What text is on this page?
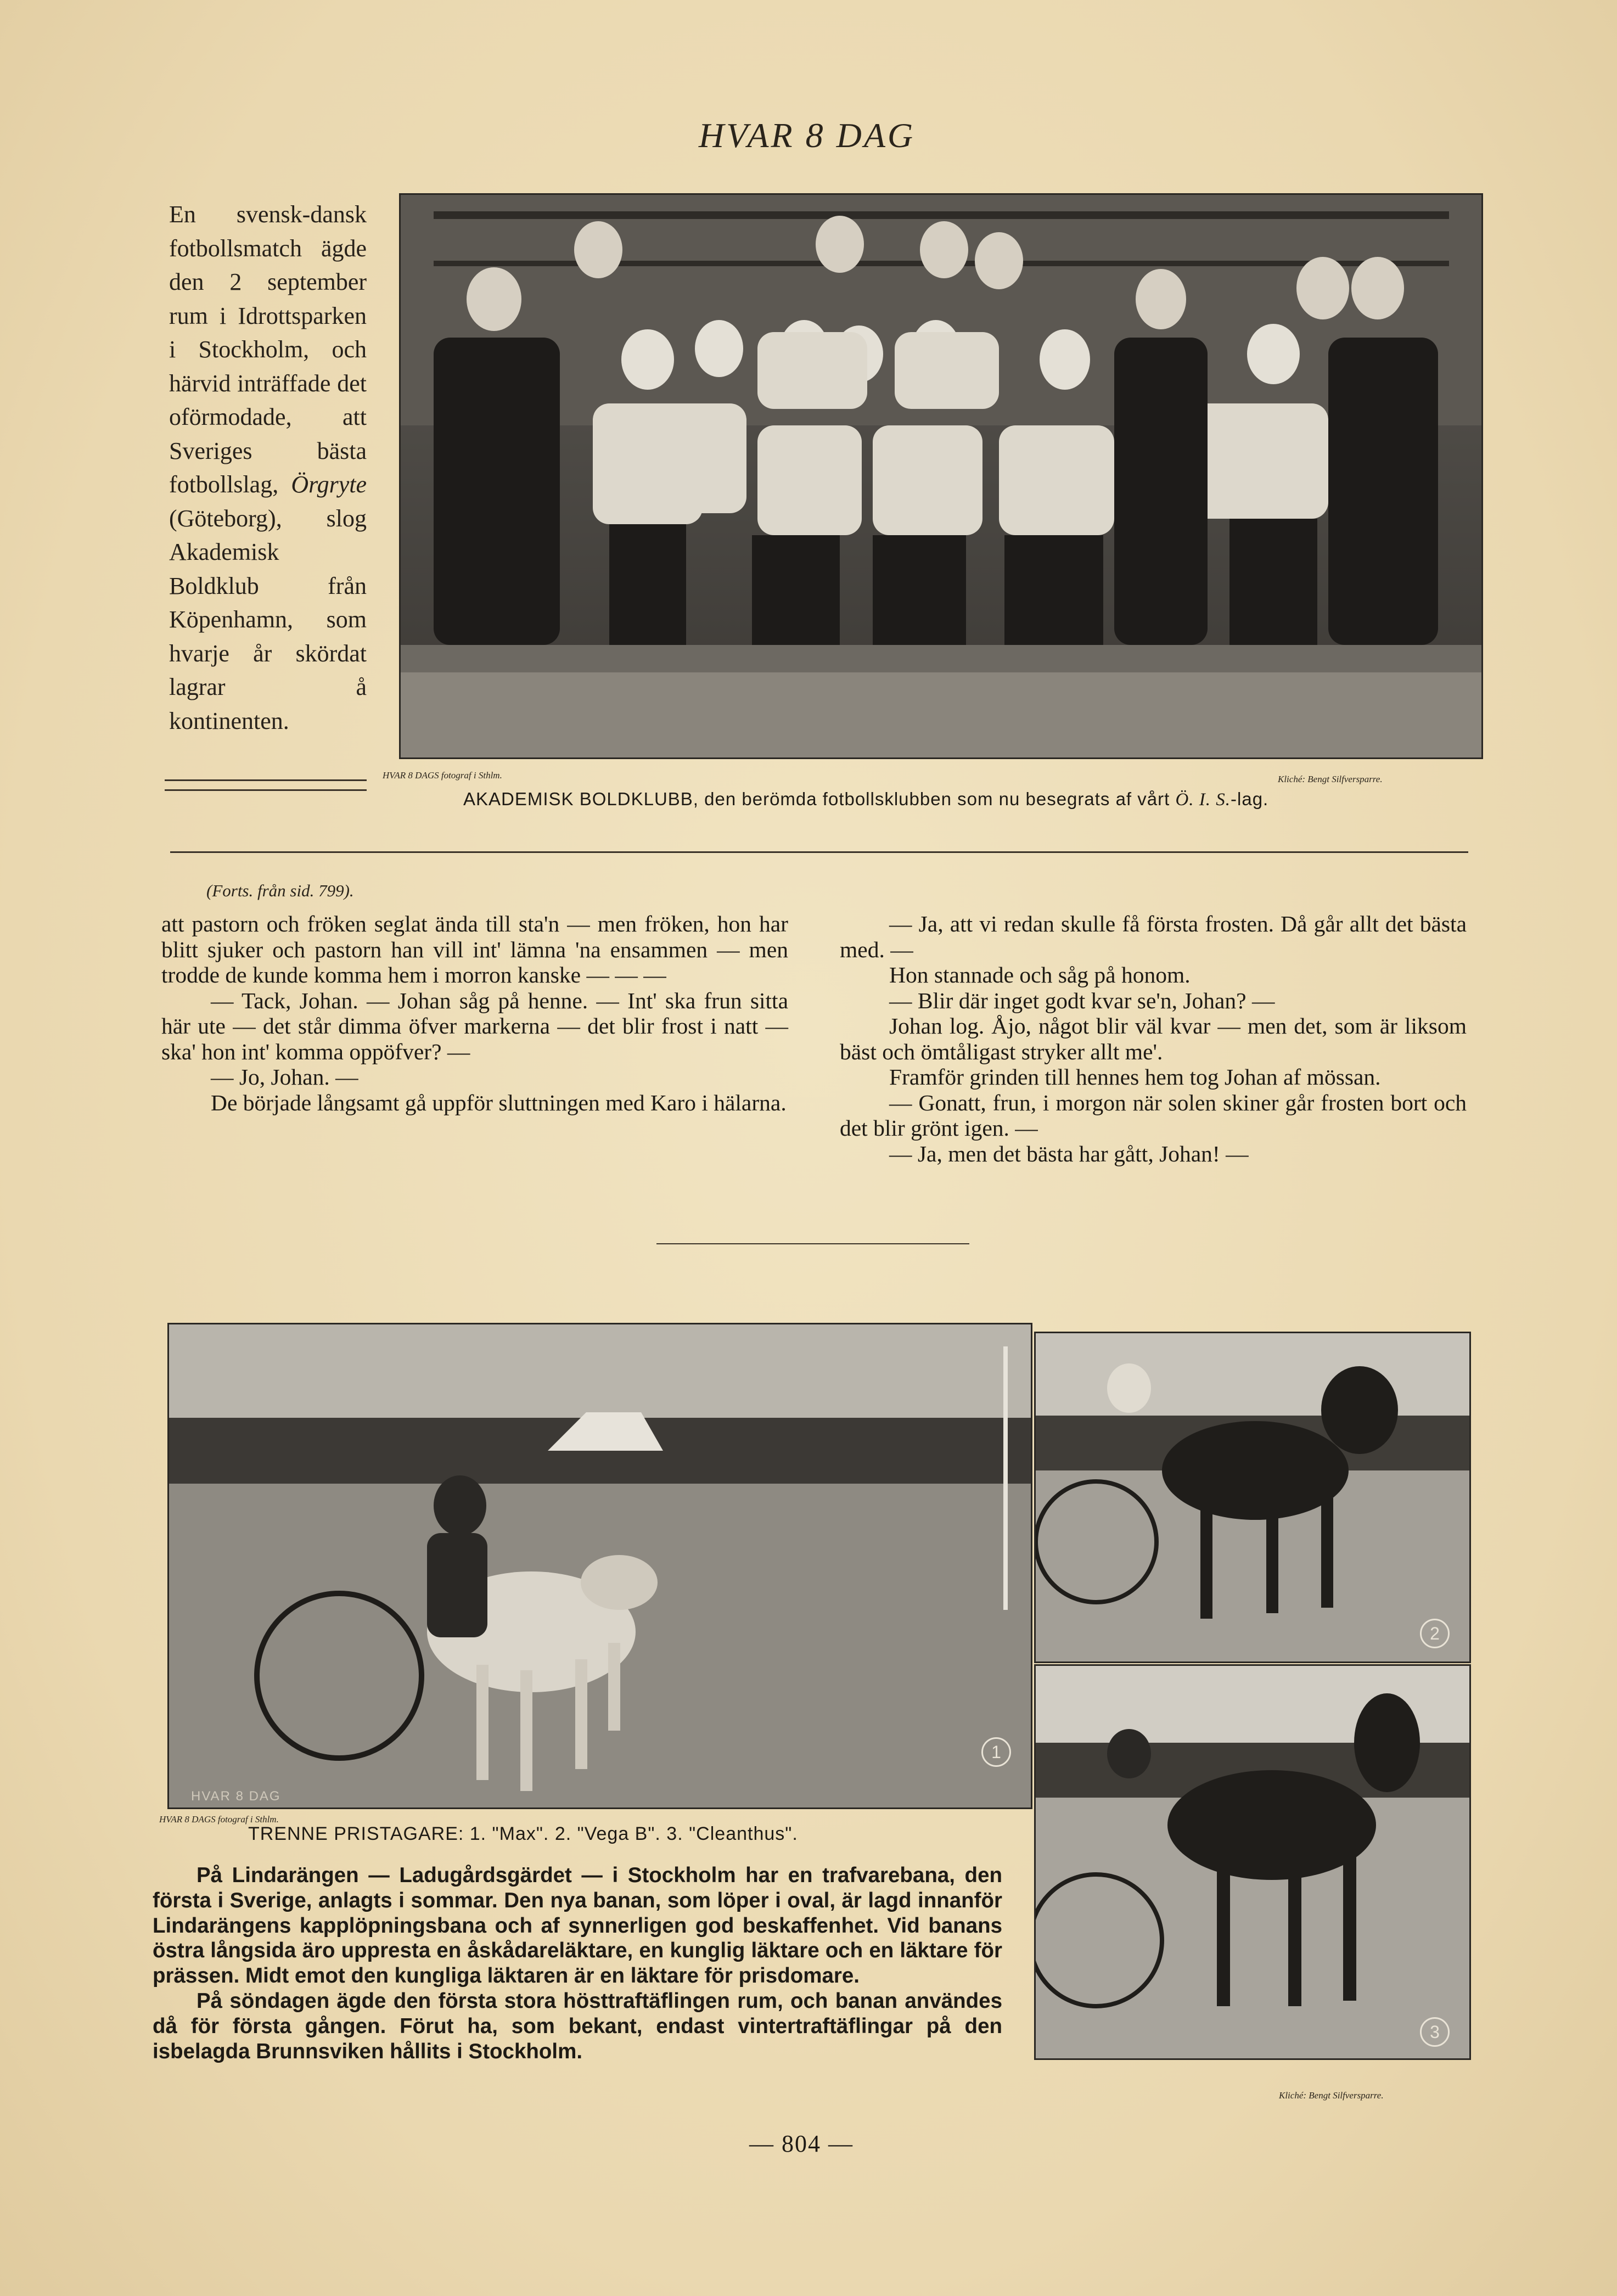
HVAR 8 DAG
En svensk-dansk fotbollsmatch ägde den 2 september rum i Idrottsparken i Stockholm, och härvid inträffade det oförmodade, att Sveriges bästa fotbollslag, Örgryte (Göteborg), slog Akademisk Boldklub från Köpenhamn, som hvarje år skördat lagrar å kontinenten.
HVAR 8 DAGS fotograf i Sthlm.	Kliché: Bengt Silfversparre.
AKADEMISK BOLDKLUBB, den berömda fotbollsklubben som nu besegrats af vårt Ö. I. S.-lag.
(Forts. från sid. 799).

att pastorn och fröken seglat ända till sta'n — men fröken, hon har blitt sjuker och pastorn han vill int' lämna 'na ensammen — men trodde de kunde komma hem i morron kanske — — —

— Tack, Johan. — Johan såg på henne. — Int' ska frun sitta här ute — det står dimma öfver markerna — det blir frost i natt — ska' hon int' komma oppöfver? —

— Jo, Johan. —

De började långsamt gå uppför sluttningen med Karo i hälarna.

— Ja, att vi redan skulle få första frosten. Då går allt det bästa med. —

Hon stannade och såg på honom.

— Blir där inget godt kvar se'n, Johan? —

Johan log. Åjo, något blir väl kvar — men det, som är liksom bäst och ömtåligast stryker allt me'.

Framför grinden till hennes hem tog Johan af mössan.

— Gonatt, frun, i morgon när solen skiner går frosten bort och det blir grönt igen. —

— Ja, men det bästa har gått, Johan! —

HVAR 8 DAG
1
2
3
HVAR 8 DAGS fotograf i Sthlm.
TRENNE PRISTAGARE: 1. "Max". 2. "Vega B". 3. "Cleanthus".

På Lindarängen — Ladugårdsgärdet — i Stockholm har en trafvarebana, den första i Sverige, anlagts i sommar. Den nya banan, som löper i oval, är lagd innanför Lindarängens kapplöpningsbana och af synnerligen god beskaffenhet. Vid banans östra långsida äro uppresta en åskådareläktare, en kunglig läktare och en läktare för prässen. Midt emot den kungliga läktaren är en läktare för prisdomare.

På söndagen ägde den första stora hösttraftäflingen rum, och banan användes då för första gången. Förut ha, som bekant, endast vintertraftäflingar på den isbelagda Brunnsviken hållits i Stockholm.

Kliché: Bengt Silfversparre.
— 804 —
